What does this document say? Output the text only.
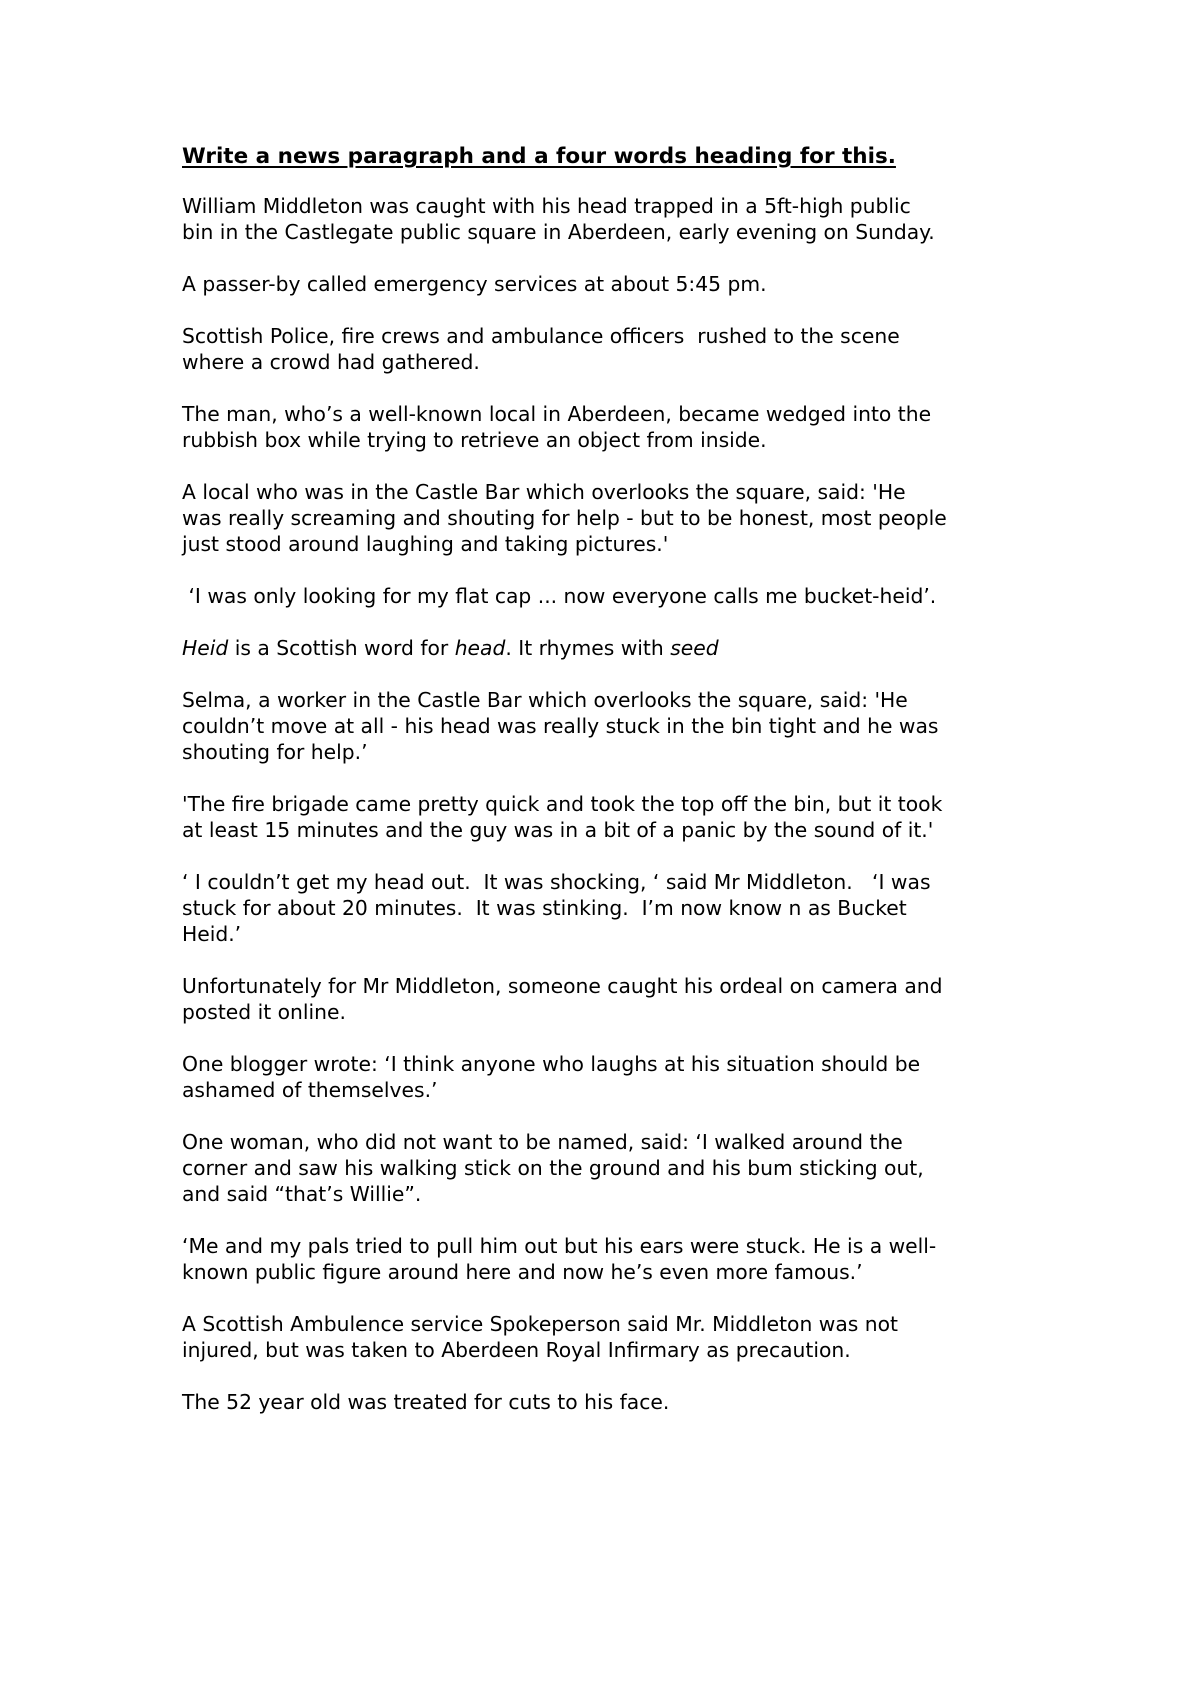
Write a news paragraph and a four words heading for this.
William Middleton was caught with his head trapped in a 5ft-high public
bin in the Castlegate public square in Aberdeen, early evening on Sunday.
A passer-by called emergency services at about 5:45 pm.
Scottish Police, fire crews and ambulance officers  rushed to the scene
where a crowd had gathered.
The man, who’s a well-known local in Aberdeen, became wedged into the
rubbish box while trying to retrieve an object from inside.
A local who was in the Castle Bar which overlooks the square, said: 'He
was really screaming and shouting for help - but to be honest, most people
just stood around laughing and taking pictures.'
‘I was only looking for my flat cap ... now everyone calls me bucket-heid’.
Heid is a Scottish word for head. It rhymes with seed
Selma, a worker in the Castle Bar which overlooks the square, said: 'He
couldn’t move at all - his head was really stuck in the bin tight and he was
shouting for help.’
'The fire brigade came pretty quick and took the top off the bin, but it took
at least 15 minutes and the guy was in a bit of a panic by the sound of it.'
‘ I couldn’t get my head out.  It was shocking, ‘ said Mr Middleton.   ‘I was
stuck for about 20 minutes.  It was stinking.  I’m now know n as Bucket
Heid.’
Unfortunately for Mr Middleton, someone caught his ordeal on camera and
posted it online.
One blogger wrote: ‘I think anyone who laughs at his situation should be
ashamed of themselves.’
One woman, who did not want to be named, said: ‘I walked around the
corner and saw his walking stick on the ground and his bum sticking out,
and said “that’s Willie”.
‘Me and my pals tried to pull him out but his ears were stuck. He is a well-
known public figure around here and now he’s even more famous.’
A Scottish Ambulence service Spokeperson said Mr. Middleton was not
injured, but was taken to Aberdeen Royal Infirmary as precaution.
The 52 year old was treated for cuts to his face.
